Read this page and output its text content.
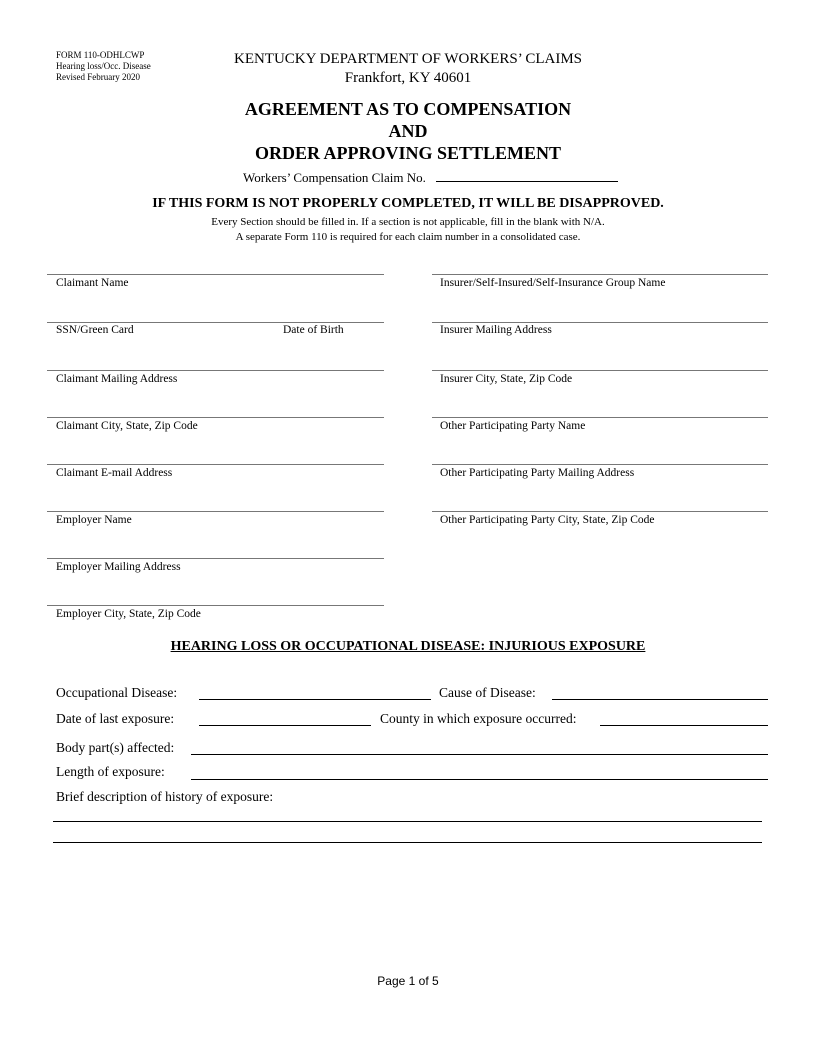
FORM 110-ODHLCWP
Hearing loss/Occ. Disease
Revised February 2020
KENTUCKY DEPARTMENT OF WORKERS’ CLAIMS
Frankfort, KY 40601
AGREEMENT AS TO COMPENSATION
AND
ORDER APPROVING SETTLEMENT
Workers’ Compensation Claim No.
IF THIS FORM IS NOT PROPERLY COMPLETED, IT WILL BE DISAPPROVED.
Every Section should be filled in. If a section is not applicable, fill in the blank with N/A.
A separate Form 110 is required for each claim number in a consolidated case.
Claimant Name
SSN/Green Card	Date of Birth
Claimant Mailing Address
Claimant City, State, Zip Code
Claimant E-mail Address
Employer Name
Employer Mailing Address
Employer City, State, Zip Code
Insurer/Self-Insured/Self-Insurance Group Name
Insurer Mailing Address
Insurer City, State, Zip Code
Other Participating Party Name
Other Participating Party Mailing Address
Other Participating Party City, State, Zip Code
HEARING LOSS OR OCCUPATIONAL DISEASE: INJURIOUS EXPOSURE
Occupational Disease:	Cause of Disease:
Date of last exposure:	County in which exposure occurred:
Body part(s) affected:
Length of exposure:
Brief description of history of exposure:
Page 1 of 5
